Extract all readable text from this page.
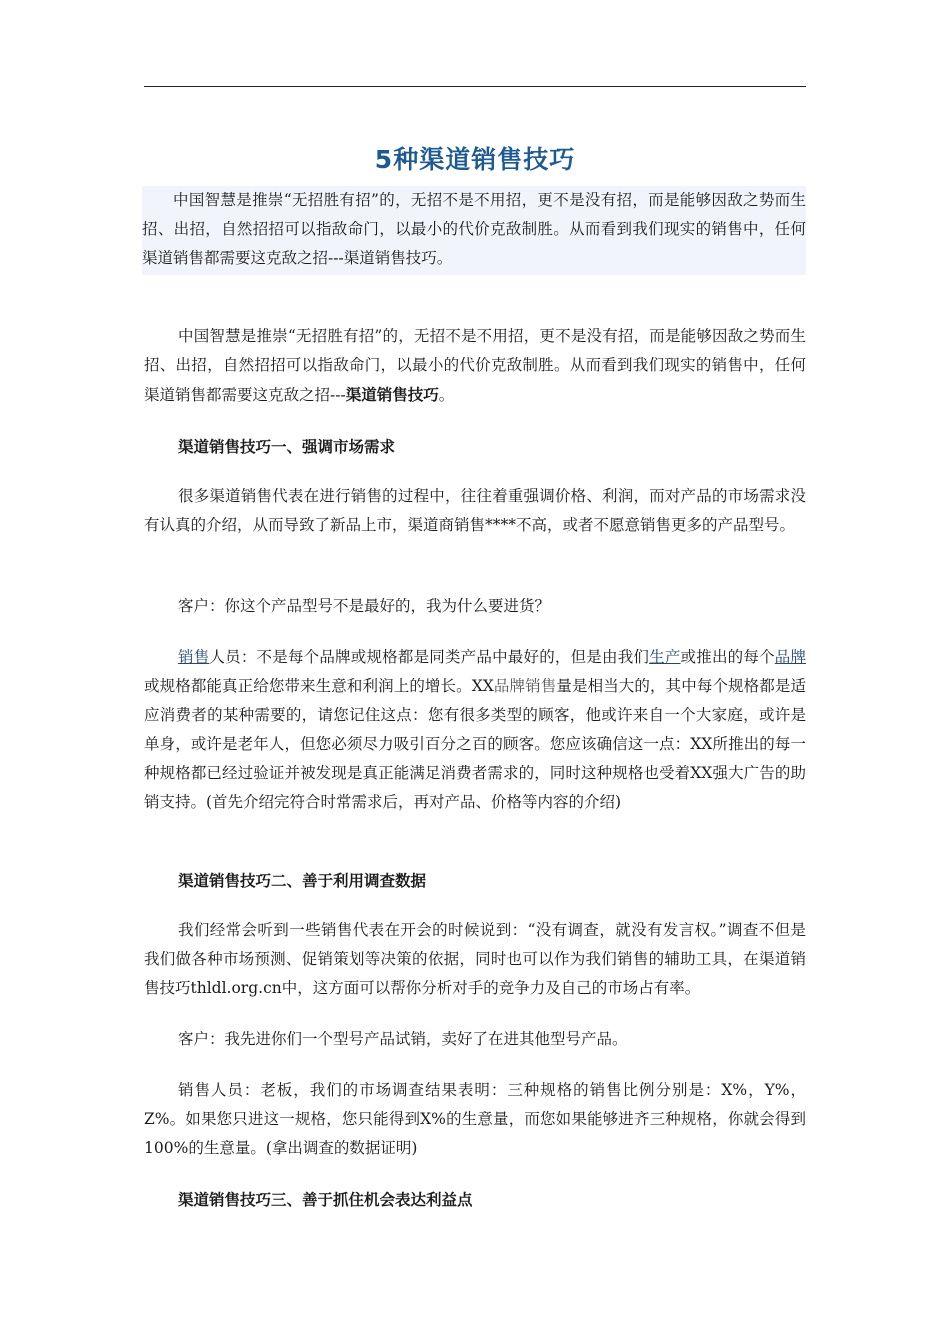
5种渠道销售技巧
中国智慧是推崇“无招胜有招”的，无招不是不用招，更不是没有招，而是能够因敌之势而生招、出招，自然招招可以指敌命门，以最小的代价克敌制胜。从而看到我们现实的销售中，任何渠道销售都需要这克敌之招---渠道销售技巧。
中国智慧是推崇“无招胜有招”的，无招不是不用招，更不是没有招，而是能够因敌之势而生招、出招，自然招招可以指敌命门，以最小的代价克敌制胜。从而看到我们现实的销售中，任何渠道销售都需要这克敌之招---渠道销售技巧。
渠道销售技巧一、强调市场需求
很多渠道销售代表在进行销售的过程中，往往着重强调价格、利润，而对产品的市场需求没有认真的介绍，从而导致了新品上市，渠道商销售****不高，或者不愿意销售更多的产品型号。
客户：你这个产品型号不是最好的，我为什么要进货？
销售人员：不是每个品牌或规格都是同类产品中最好的，但是由我们生产或推出的每个品牌或规格都能真正给您带来生意和利润上的增长。XX品牌销售量是相当大的，其中每个规格都是适应消费者的某种需要的，请您记住这点：您有很多类型的顾客，他或许来自一个大家庭，或许是单身，或许是老年人，但您必须尽力吸引百分之百的顾客。您应该确信这一点：XX所推出的每一种规格都已经过验证并被发现是真正能满足消费者需求的，同时这种规格也受着XX强大广告的助销支持。(首先介绍完符合时常需求后，再对产品、价格等内容的介绍)
渠道销售技巧二、善于利用调查数据
我们经常会听到一些销售代表在开会的时候说到：“没有调查，就没有发言权。”调查不但是我们做各种市场预测、促销策划等决策的依据，同时也可以作为我们销售的辅助工具，在渠道销售技巧thldl.org.cn中，这方面可以帮你分析对手的竞争力及自己的市场占有率。
客户：我先进你们一个型号产品试销，卖好了在进其他型号产品。
销售人员：老板，我们的市场调查结果表明：三种规格的销售比例分别是：X%，Y%，Z%。如果您只进这一规格，您只能得到X%的生意量，而您如果能够进齐三种规格，你就会得到100%的生意量。(拿出调查的数据证明)
渠道销售技巧三、善于抓住机会表达利益点
